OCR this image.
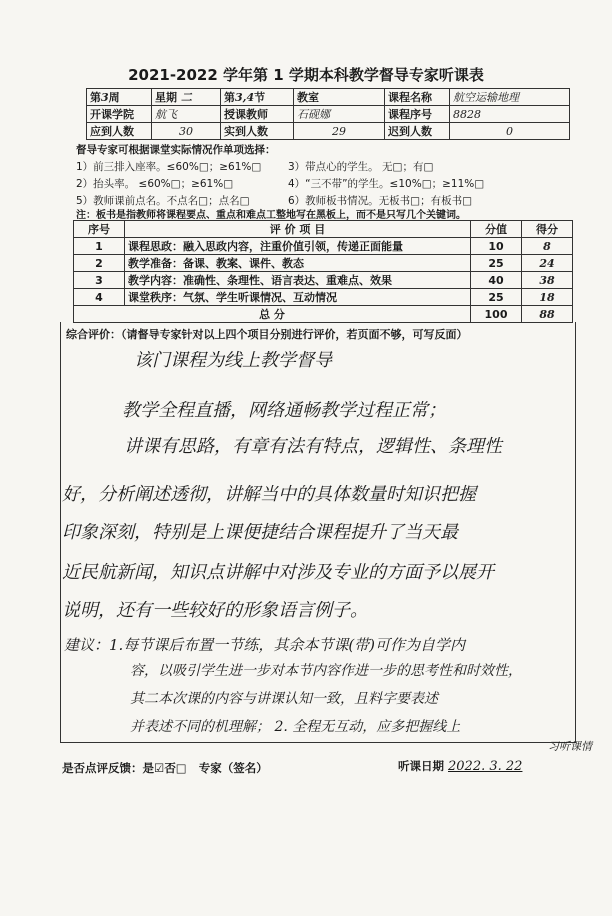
2021-2022 学年第 1 学期本科教学督导专家听课表
第3周	星期 二	第3,4节	教室	课程名称	航空运输地理
开课学院	航飞	授课教师	石砚娜	课程序号	8828
应到人数	30	实到人数	29	迟到人数	0
督导专家可根据课堂实际情况作单项选择：
1）前三排入座率。≤60%□；≥61%□	3）带点心的学生。 无□；有□
2）抬头率。 ≤60%□；≥61%□	4）“三不带”的学生。≤10%□；≥11%□
5）教师课前点名。不点名□；点名□	6）教师板书情况。无板书□；有板书□
注：板书是指教师将课程要点、重点和难点工整地写在黑板上，而不是只写几个关键词。
序号	评 价 项 目	分值	得分
1	课程思政：融入思政内容，注重价值引领，传递正面能量	10	8
2	教学准备：备课、教案、课件、教态	25	24
3	教学内容：准确性、条理性、语言表达、重难点、效果	40	38
4	课堂秩序：气氛、学生听课情况、互动情况	25	18
总 分		100	88
综合评价：（请督导专家针对以上四个项目分别进行评价，若页面不够，可写反面）
该门课程为线上教学督导
教学全程直播，网络通畅教学过程正常；
讲课有思路，有章有法有特点，逻辑性、条理性
好，分析阐述透彻，讲解当中的具体数量时知识把握
印象深刻，特别是上课便捷结合课程提升了当天最
近民航新闻，知识点讲解中对涉及专业的方面予以展开
说明，还有一些较好的形象语言例子。
建议：1.每节课后布置一节练，其余本节课(带)可作为自学内
容，以吸引学生进一步对本节内容作进一步的思考性和时效性，
其二本次课的内容与讲课认知一致，且料字要表述
并表述不同的机理解； 2. 全程无互动，应多把握线上
习听课情
是否点评反馈：是☑否□ 专家（签名）	听课日期 2022. 3. 22
